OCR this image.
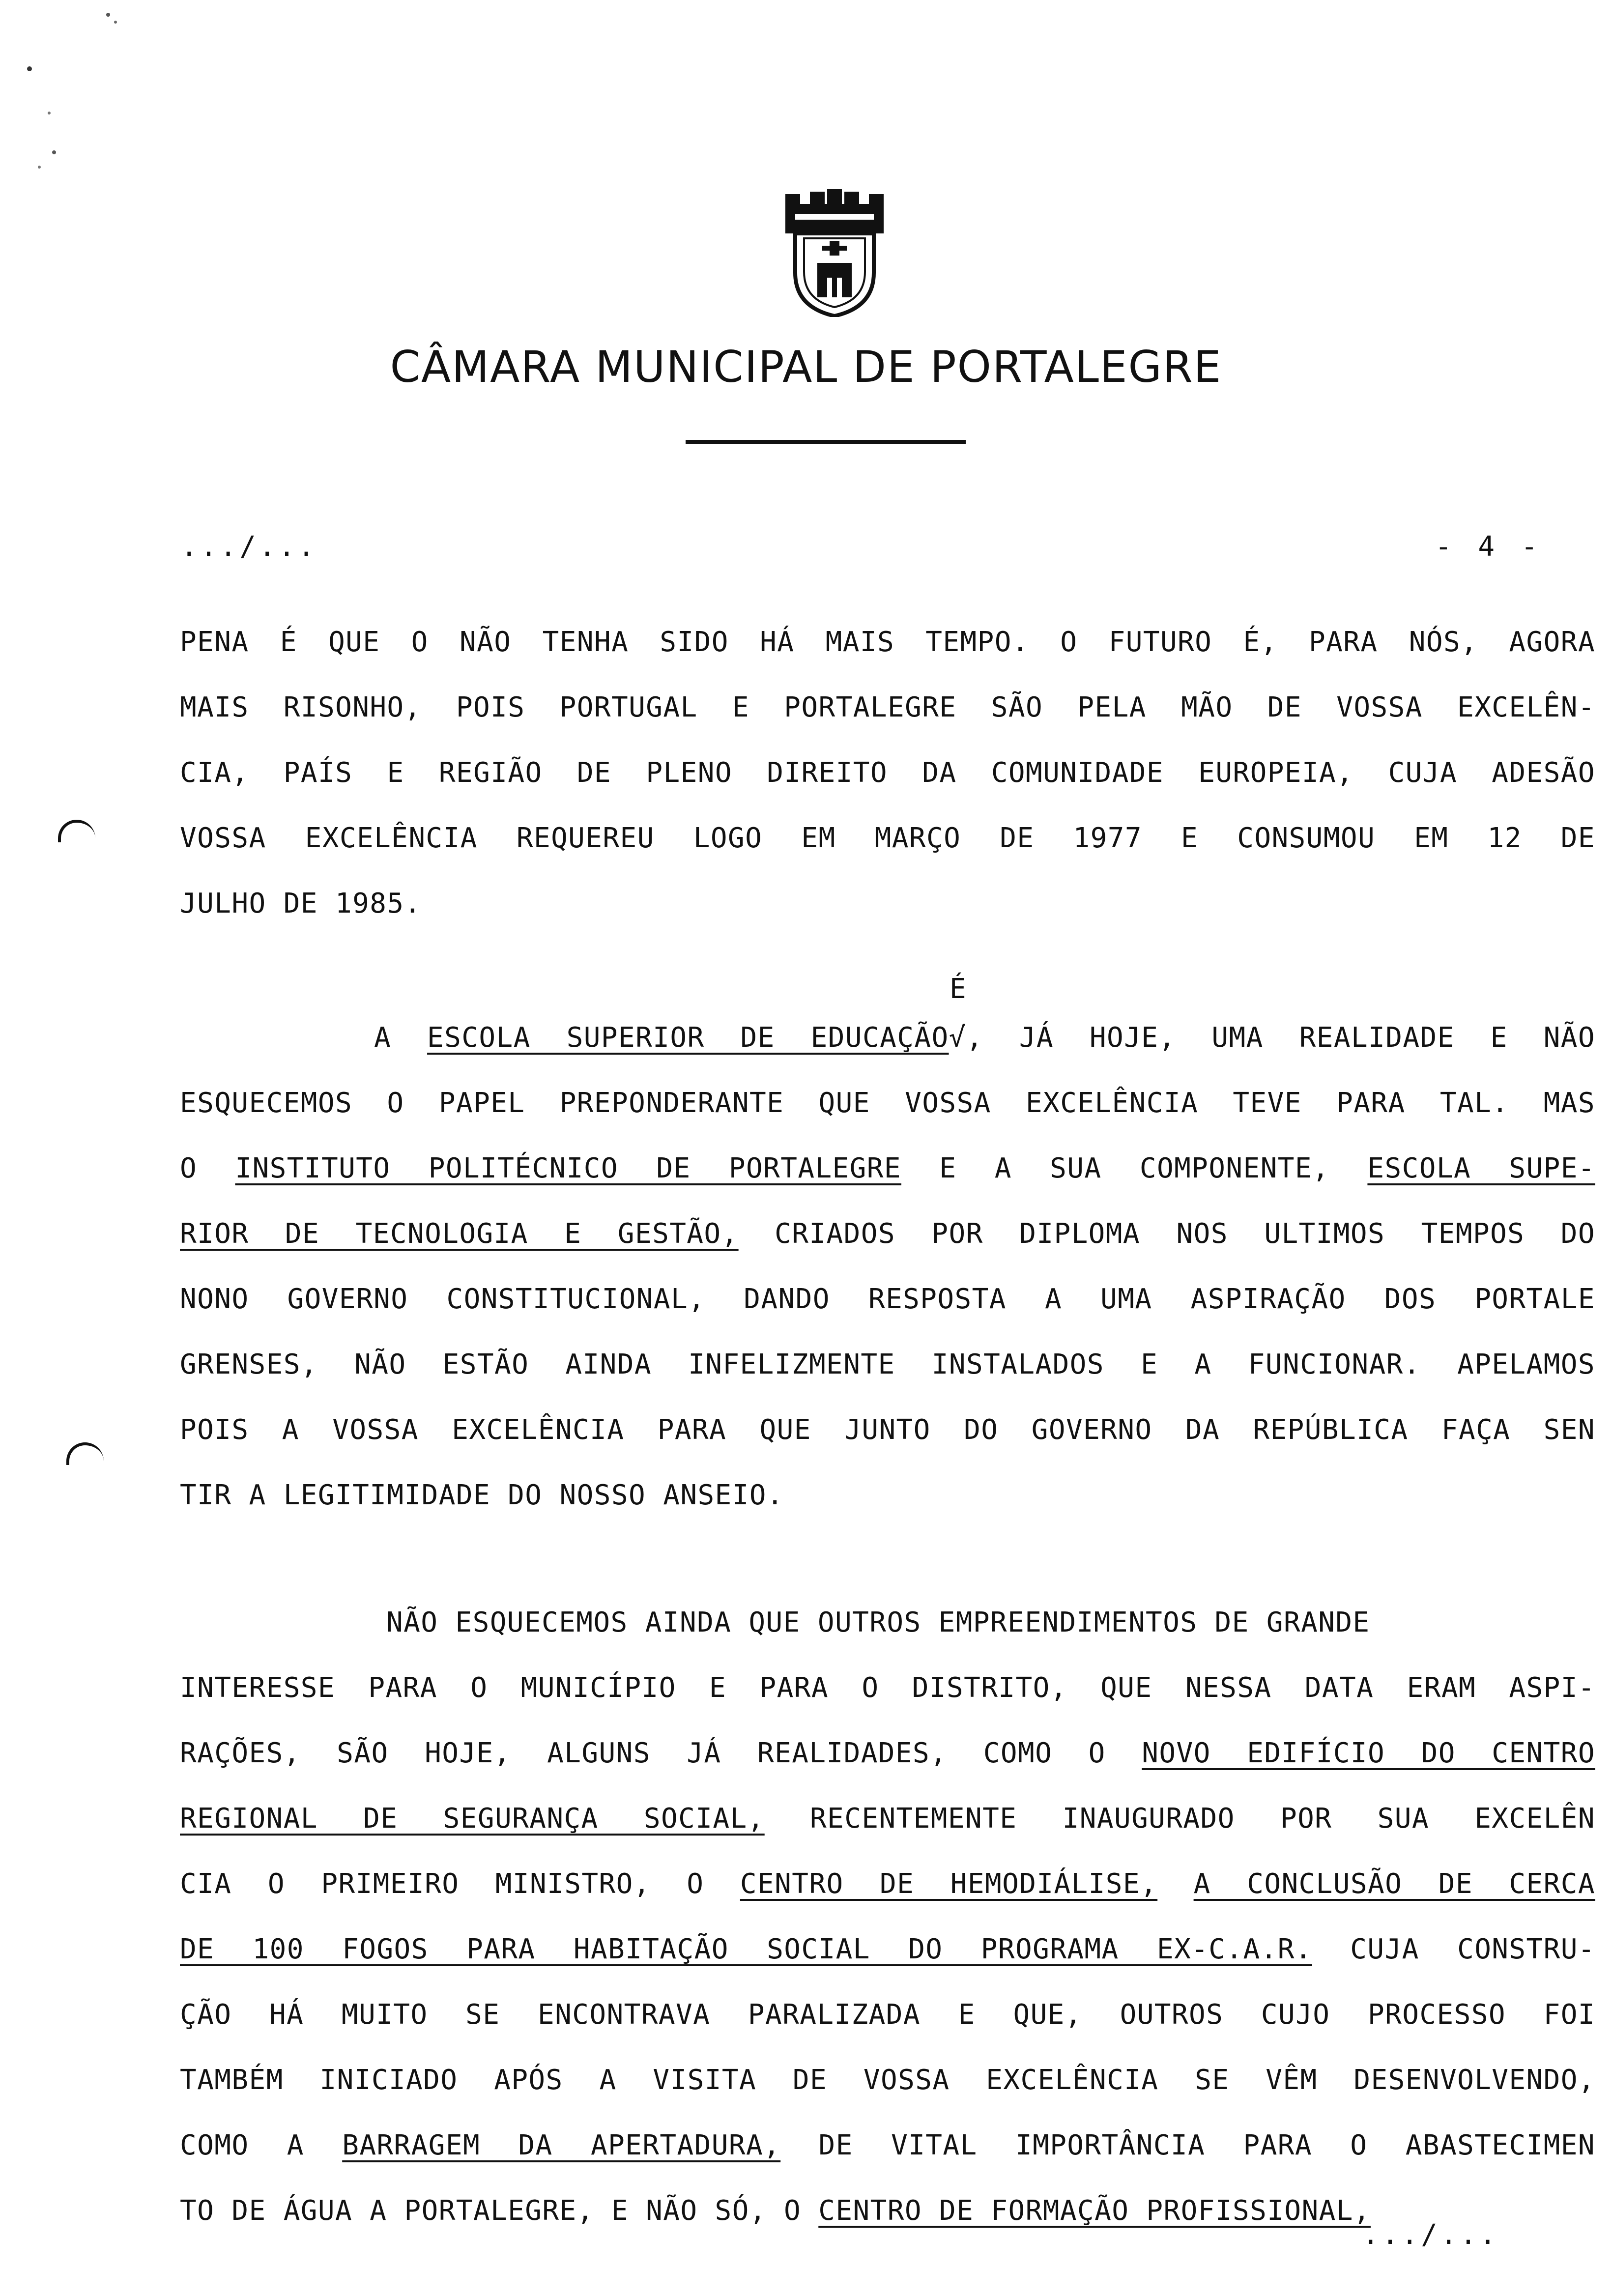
CÂMARA MUNICIPAL DE PORTALEGRE
.../...	- 4 -
PENA É QUE O NÃO TENHA SIDO HÁ MAIS TEMPO. O FUTURO É, PARA NÓS, AGORA
MAIS RISONHO, POIS PORTUGAL E PORTALEGRE SÃO PELA MÃO DE VOSSA EXCELÊN-
CIA, PAÍS E REGIÃO DE PLENO DIREITO DA COMUNIDADE EUROPEIA, CUJA ADESÃO
VOSSA EXCELÊNCIA REQUEREU LOGO EM MARÇO DE 1977 E CONSUMOU EM 12 DE
JULHO DE 1985.
É
A ESCOLA SUPERIOR DE EDUCAÇÃO√, JÁ HOJE, UMA REALIDADE E NÃO
ESQUECEMOS O PAPEL PREPONDERANTE QUE VOSSA EXCELÊNCIA TEVE PARA TAL. MAS
O INSTITUTO POLITÉCNICO DE PORTALEGRE E A SUA COMPONENTE, ESCOLA SUPE-
RIOR DE TECNOLOGIA E GESTÃO, CRIADOS POR DIPLOMA NOS ULTIMOS TEMPOS DO
NONO GOVERNO CONSTITUCIONAL, DANDO RESPOSTA A UMA ASPIRAÇÃO DOS PORTALE
GRENSES, NÃO ESTÃO AINDA INFELIZMENTE INSTALADOS E A FUNCIONAR. APELAMOS
POIS A VOSSA EXCELÊNCIA PARA QUE JUNTO DO GOVERNO DA REPÚBLICA FAÇA SEN
TIR A LEGITIMIDADE DO NOSSO ANSEIO.
NÃO ESQUECEMOS AINDA QUE OUTROS EMPREENDIMENTOS DE GRANDE
INTERESSE PARA O MUNICÍPIO E PARA O DISTRITO, QUE NESSA DATA ERAM ASPI-
RAÇÕES, SÃO HOJE, ALGUNS JÁ REALIDADES, COMO O NOVO EDIFÍCIO DO CENTRO
REGIONAL DE SEGURANÇA SOCIAL, RECENTEMENTE INAUGURADO POR SUA EXCELÊN
CIA O PRIMEIRO MINISTRO, O CENTRO DE HEMODIÁLISE, A CONCLUSÃO DE CERCA
DE 100 FOGOS PARA HABITAÇÃO SOCIAL DO PROGRAMA EX-C.A.R. CUJA CONSTRU-
ÇÃO HÁ MUITO SE ENCONTRAVA PARALIZADA E QUE, OUTROS CUJO PROCESSO FOI
TAMBÉM INICIADO APÓS A VISITA DE VOSSA EXCELÊNCIA SE VÊM DESENVOLVENDO,
COMO A BARRAGEM DA APERTADURA, DE VITAL IMPORTÂNCIA PARA O ABASTECIMEN
TO DE ÁGUA A PORTALEGRE, E NÃO SÓ, O CENTRO DE FORMAÇÃO PROFISSIONAL,
.../...
